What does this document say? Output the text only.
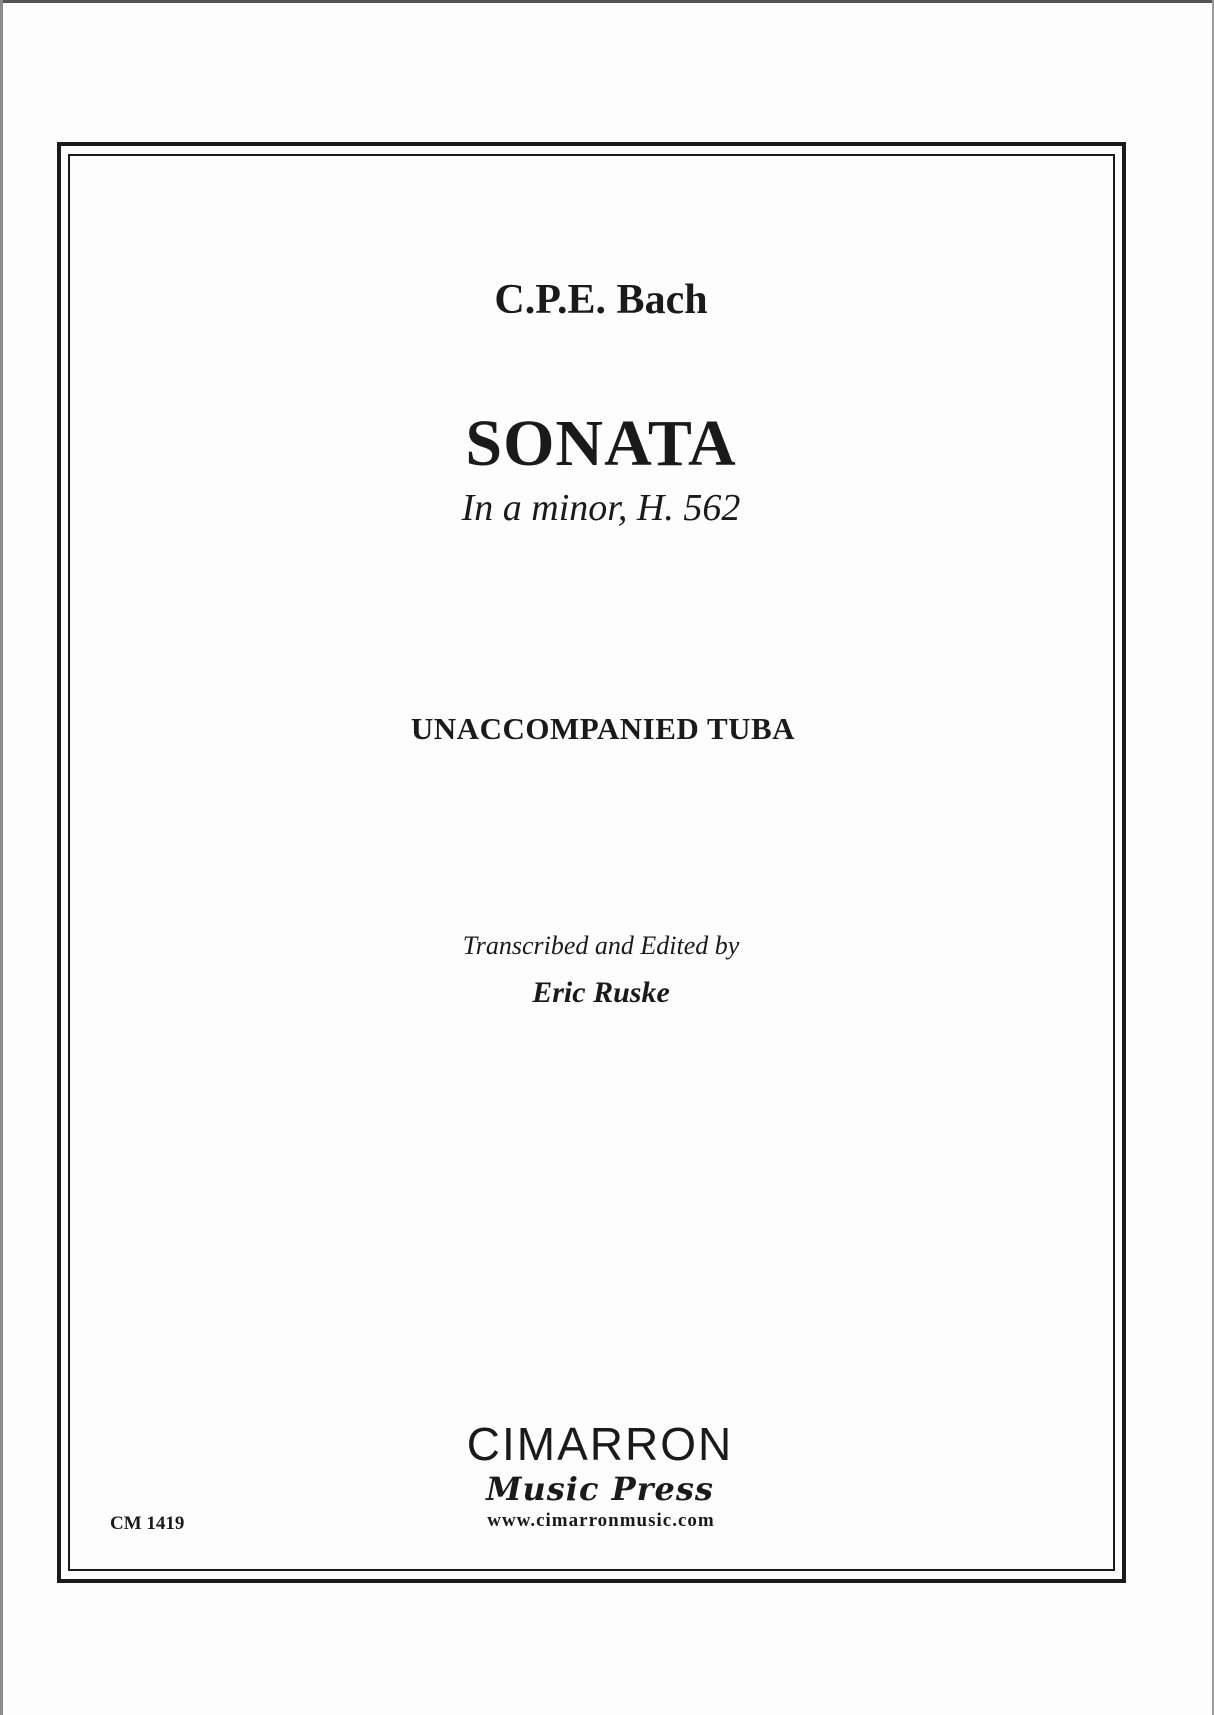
C.P.E. Bach
SONATA
In a minor, H. 562
UNACCOMPANIED TUBA
Transcribed and Edited by
Eric Ruske
CIMARRON
Music Press
www.cimarronmusic.com
CM 1419
